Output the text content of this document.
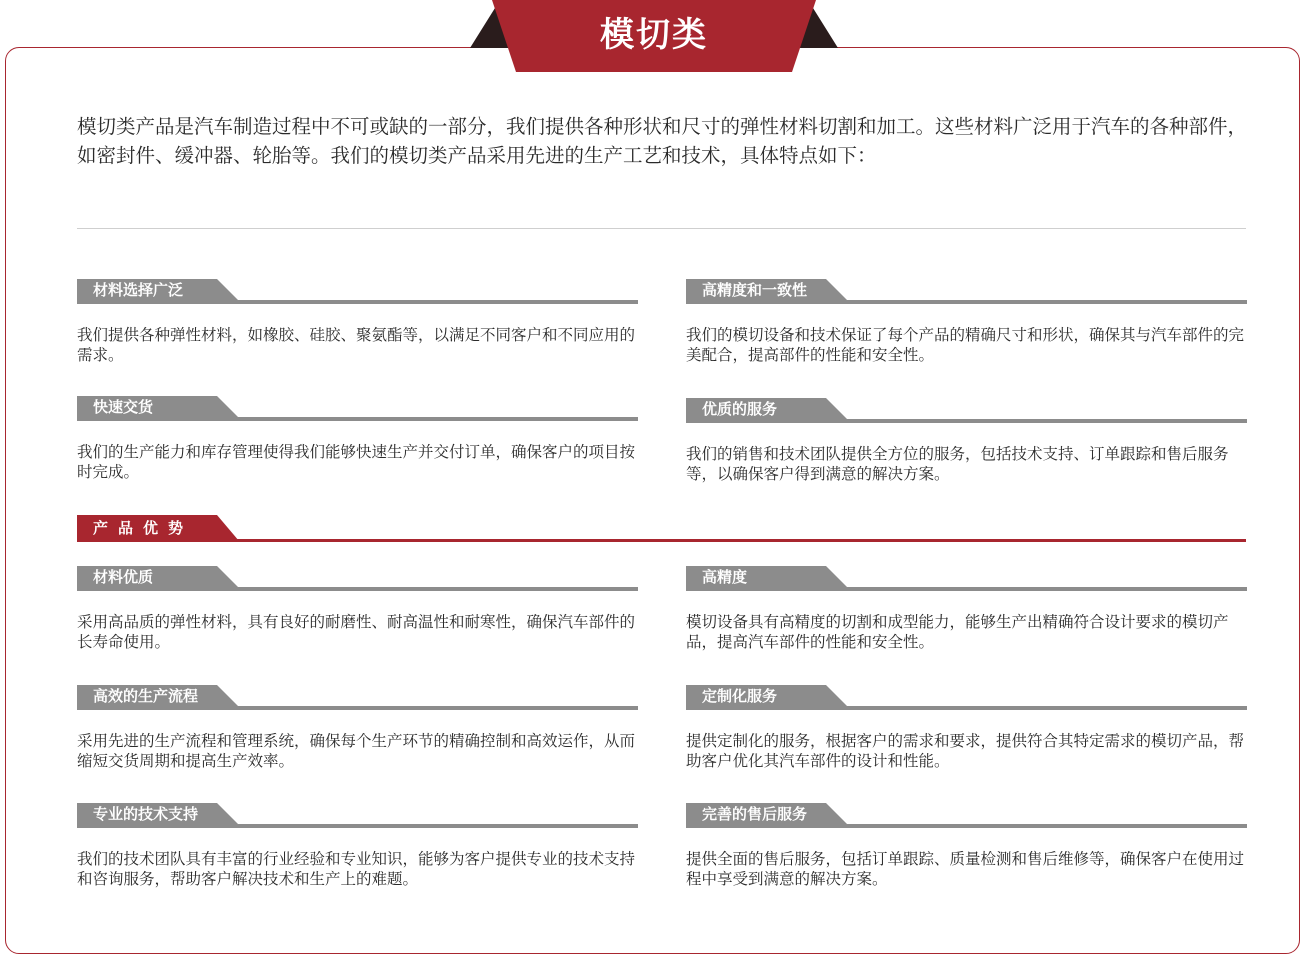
模切类

模切类产品是汽车制造过程中不可或缺的一部分，我们提供各种形状和尺寸的弹性材料切割和加工。这些材料广泛用于汽车的各种部件，如密封件、缓冲器、轮胎等。我们的模切类产品采用先进的生产工艺和技术，具体特点如下：

材料选择广泛

我们提供各种弹性材料，如橡胶、硅胶、聚氨酯等，以满足不同客户和不同应用的需求。

高精度和一致性

我们的模切设备和技术保证了每个产品的精确尺寸和形状，确保其与汽车部件的完美配合，提高部件的性能和安全性。

快速交货

我们的生产能力和库存管理使得我们能够快速生产并交付订单，确保客户的项目按时完成。

优质的服务

我们的销售和技术团队提供全方位的服务，包括技术支持、订单跟踪和售后服务等，以确保客户得到满意的解决方案。

产品优势
材料优质

采用高品质的弹性材料，具有良好的耐磨性、耐高温性和耐寒性，确保汽车部件的长寿命使用。

高精度

模切设备具有高精度的切割和成型能力，能够生产出精确符合设计要求的模切产品，提高汽车部件的性能和安全性。

高效的生产流程

采用先进的生产流程和管理系统，确保每个生产环节的精确控制和高效运作，从而缩短交货周期和提高生产效率。

定制化服务

提供定制化的服务，根据客户的需求和要求，提供符合其特定需求的模切产品，帮助客户优化其汽车部件的设计和性能。

专业的技术支持

我们的技术团队具有丰富的行业经验和专业知识，能够为客户提供专业的技术支持和咨询服务，帮助客户解决技术和生产上的难题。

完善的售后服务

提供全面的售后服务，包括订单跟踪、质量检测和售后维修等，确保客户在使用过程中享受到满意的解决方案。
